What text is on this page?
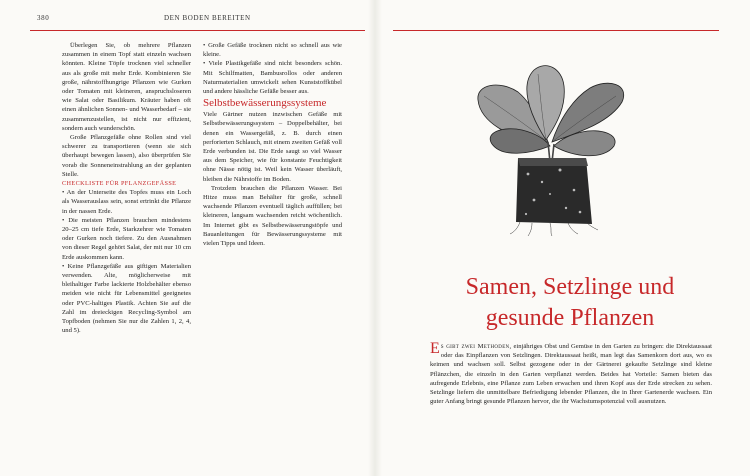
380	DEN BODEN BEREITEN

Überlegen Sie, ob mehrere Pflanzen zusammen in einem Topf statt einzeln wachsen könnten. Kleine Töpfe trocknen viel schneller aus als große mit mehr Erde. Kombinieren Sie große, nährstoffhungrige Pflanzen wie Gurken oder Tomaten mit kleineren, anspruchsloseren wie Salat oder Basilikum. Kräuter haben oft einen ähnlichen Sonnen- und Wasserbedarf – sie zusammenzustellen, ist nicht nur effizient, sondern auch wunderschön.

Große Pflanzgefäße ohne Rollen sind viel schwerer zu transportieren (wenn sie sich überhaupt bewegen lassen), also überprüfen Sie vorab die Sonneneinstrahlung an der geplanten Stelle.

CHECKLISTE FÜR PFLANZGEFÄSSE

• An der Unterseite des Topfes muss ein Loch als Wasserauslass sein, sonst ertrinkt die Pflanze in der nassen Erde.

• Die meisten Pflanzen brauchen mindestens 20–25 cm tiefe Erde, Starkzehrer wie Tomaten oder Gurken noch tiefere. Zu den Ausnahmen von dieser Regel gehört Salat, der mit nur 10 cm Erde auskommen kann.

• Keine Pflanzgefäße aus giftigen Materialien verwenden. Alte, möglicherweise mit bleihaltiger Farbe lackierte Holzbehälter ebenso meiden wie nicht für Lebensmittel geeignetes oder PVC-haltiges Plastik. Achten Sie auf die Zahl im dreieckigen Recycling-Symbol am Topfboden (nehmen Sie nur die Zahlen 1, 2, 4, und 5).

• Große Gefäße trocknen nicht so schnell aus wie kleine.

• Viele Plastikgefäße sind nicht besonders schön. Mit Schilfmatten, Bambusrollos oder anderen Naturmaterialien umwickelt sehen Kunststoffkübel und andere hässliche Gefäße besser aus.

Selbstbewässerungssysteme

Viele Gärtner nutzen inzwischen Gefäße mit Selbstbewässerungssystem – Doppelbehälter, bei denen ein Wassergefäß, z. B. durch einen perforierten Schlauch, mit einem zweiten Gefäß voll Erde verbunden ist. Die Erde saugt so viel Wasser aus dem Speicher, wie für konstante Feuchtigkeit ohne Nässe nötig ist. Weil kein Wasser überläuft, bleiben die Nährstoffe im Boden.

Trotzdem brauchen die Pflanzen Wasser. Bei Hitze muss man Behälter für große, schnell wachsende Pflanzen eventuell täglich auffüllen; bei kleineren, langsam wachsenden reicht wöchentlich. Im Internet gibt es Selbstbewässerungstöpfe und Bauanleitungen für Bewässerungssysteme mit vielen Tipps und Ideen.

Samen, Setzlinge und
gesunde Pflanzen
Es gibt zwei Methoden, einjähriges Obst und Gemüse in den Garten zu bringen: die Direktaussaat oder das Einpflanzen von Setzlingen. Direktaussaat heißt, man legt das Samenkorn dort aus, wo es keimen und wachsen soll. Selbst gezogene oder in der Gärtnerei gekaufte Setzlinge sind kleine Pflänzchen, die einzeln in den Garten verpflanzt werden. Beides hat Vorteile: Samen bieten das aufregende Erlebnis, eine Pflanze zum Leben erwachen und ihren Kopf aus der Erde strecken zu sehen. Setzlinge liefern die unmittelbare Befriedigung lebender Pflanzen, die in Ihrer Gartenerde wachsen. Ein guter Anfang bringt gesunde Pflanzen hervor, die ihr Wachstumspotenzial voll ausnutzen.
